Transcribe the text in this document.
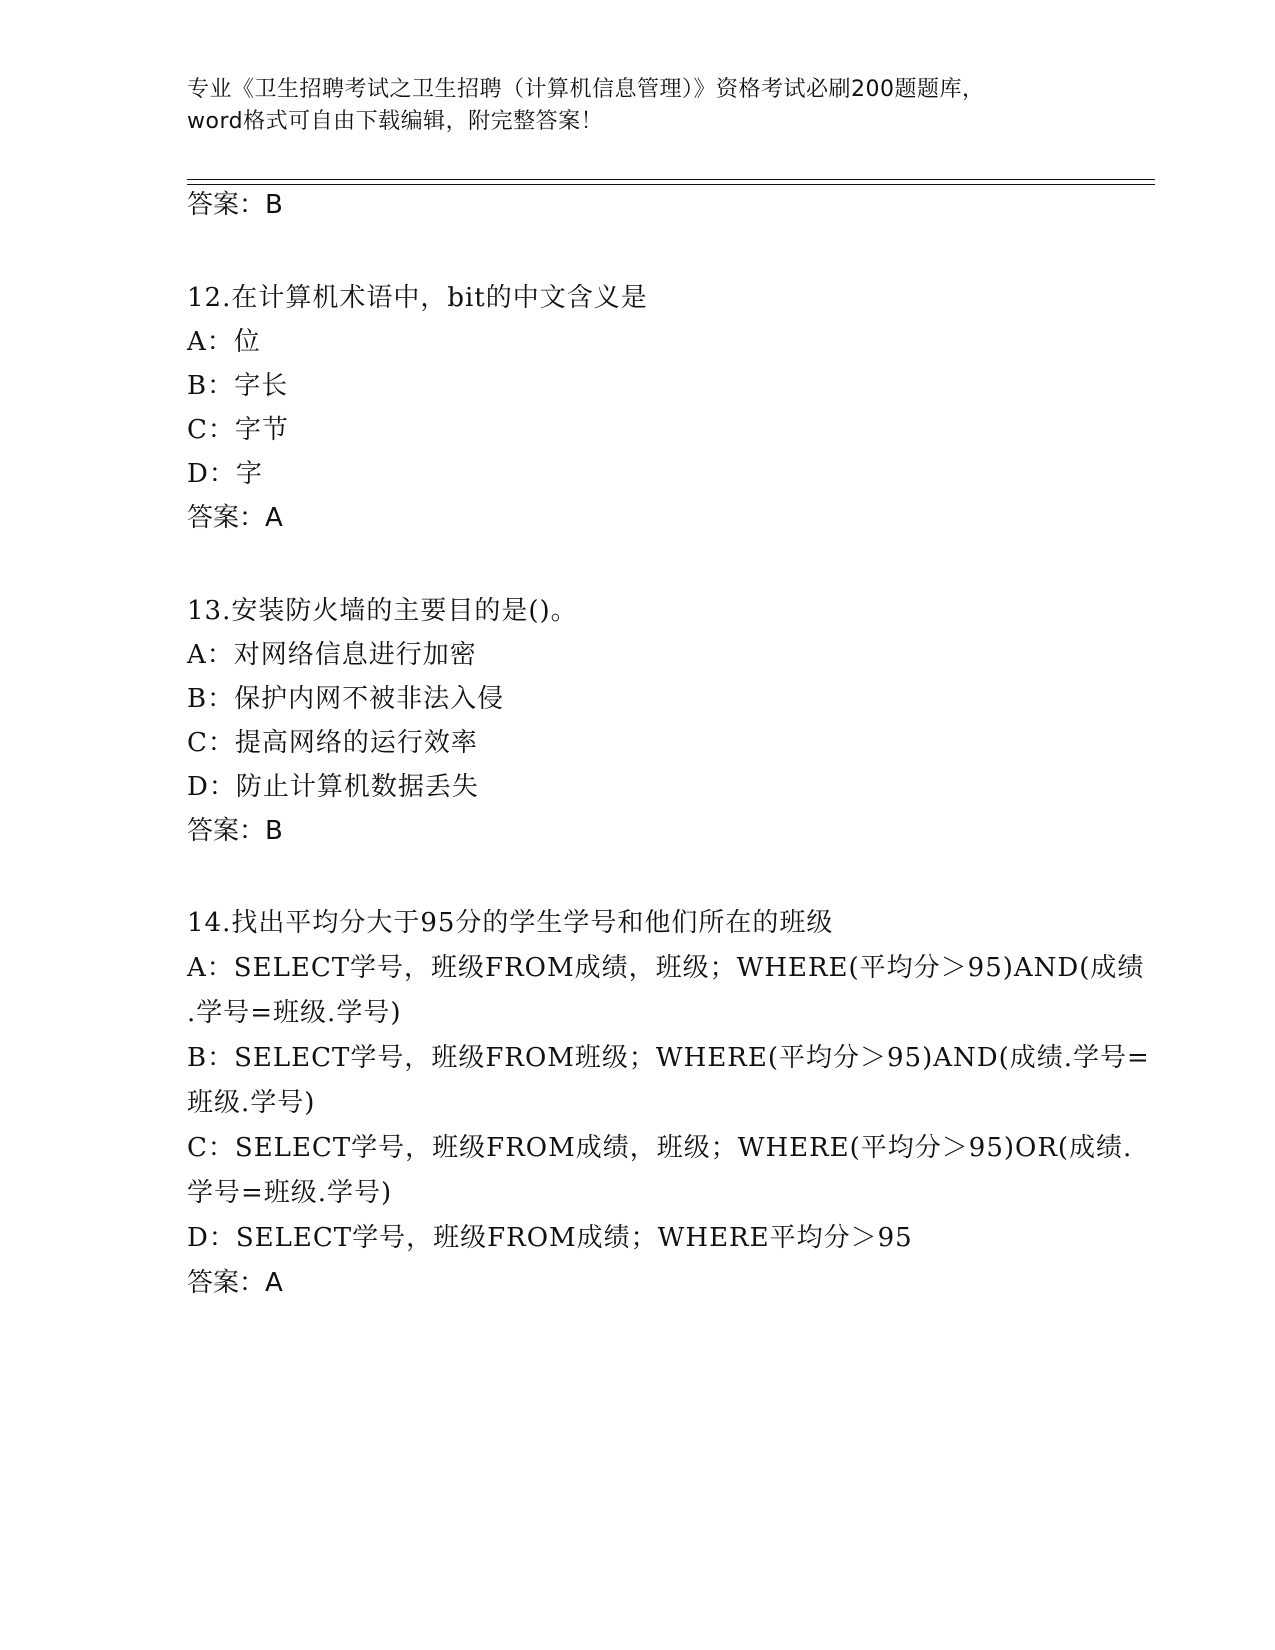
专业《卫生招聘考试之卫生招聘（计算机信息管理）》资格考试必刷200题题库，
word格式可自由下载编辑，附完整答案！
答案：B
12.在计算机术语中，bit的中文含义是
A：位
B：字长
C：字节
D：字
答案：A
13.安装防火墙的主要目的是()。
A：对网络信息进行加密
B：保护内网不被非法入侵
C：提高网络的运行效率
D：防止计算机数据丢失
答案：B
14.找出平均分大于95分的学生学号和他们所在的班级
A：SELECT学号，班级FROM成绩，班级；WHERE(平均分＞95)AND(成绩
.学号=班级.学号)
B：SELECT学号，班级FROM班级；WHERE(平均分＞95)AND(成绩.学号=
班级.学号)
C：SELECT学号，班级FROM成绩，班级；WHERE(平均分＞95)OR(成绩.
学号=班级.学号)
D：SELECT学号，班级FROM成绩；WHERE平均分＞95
答案：A
